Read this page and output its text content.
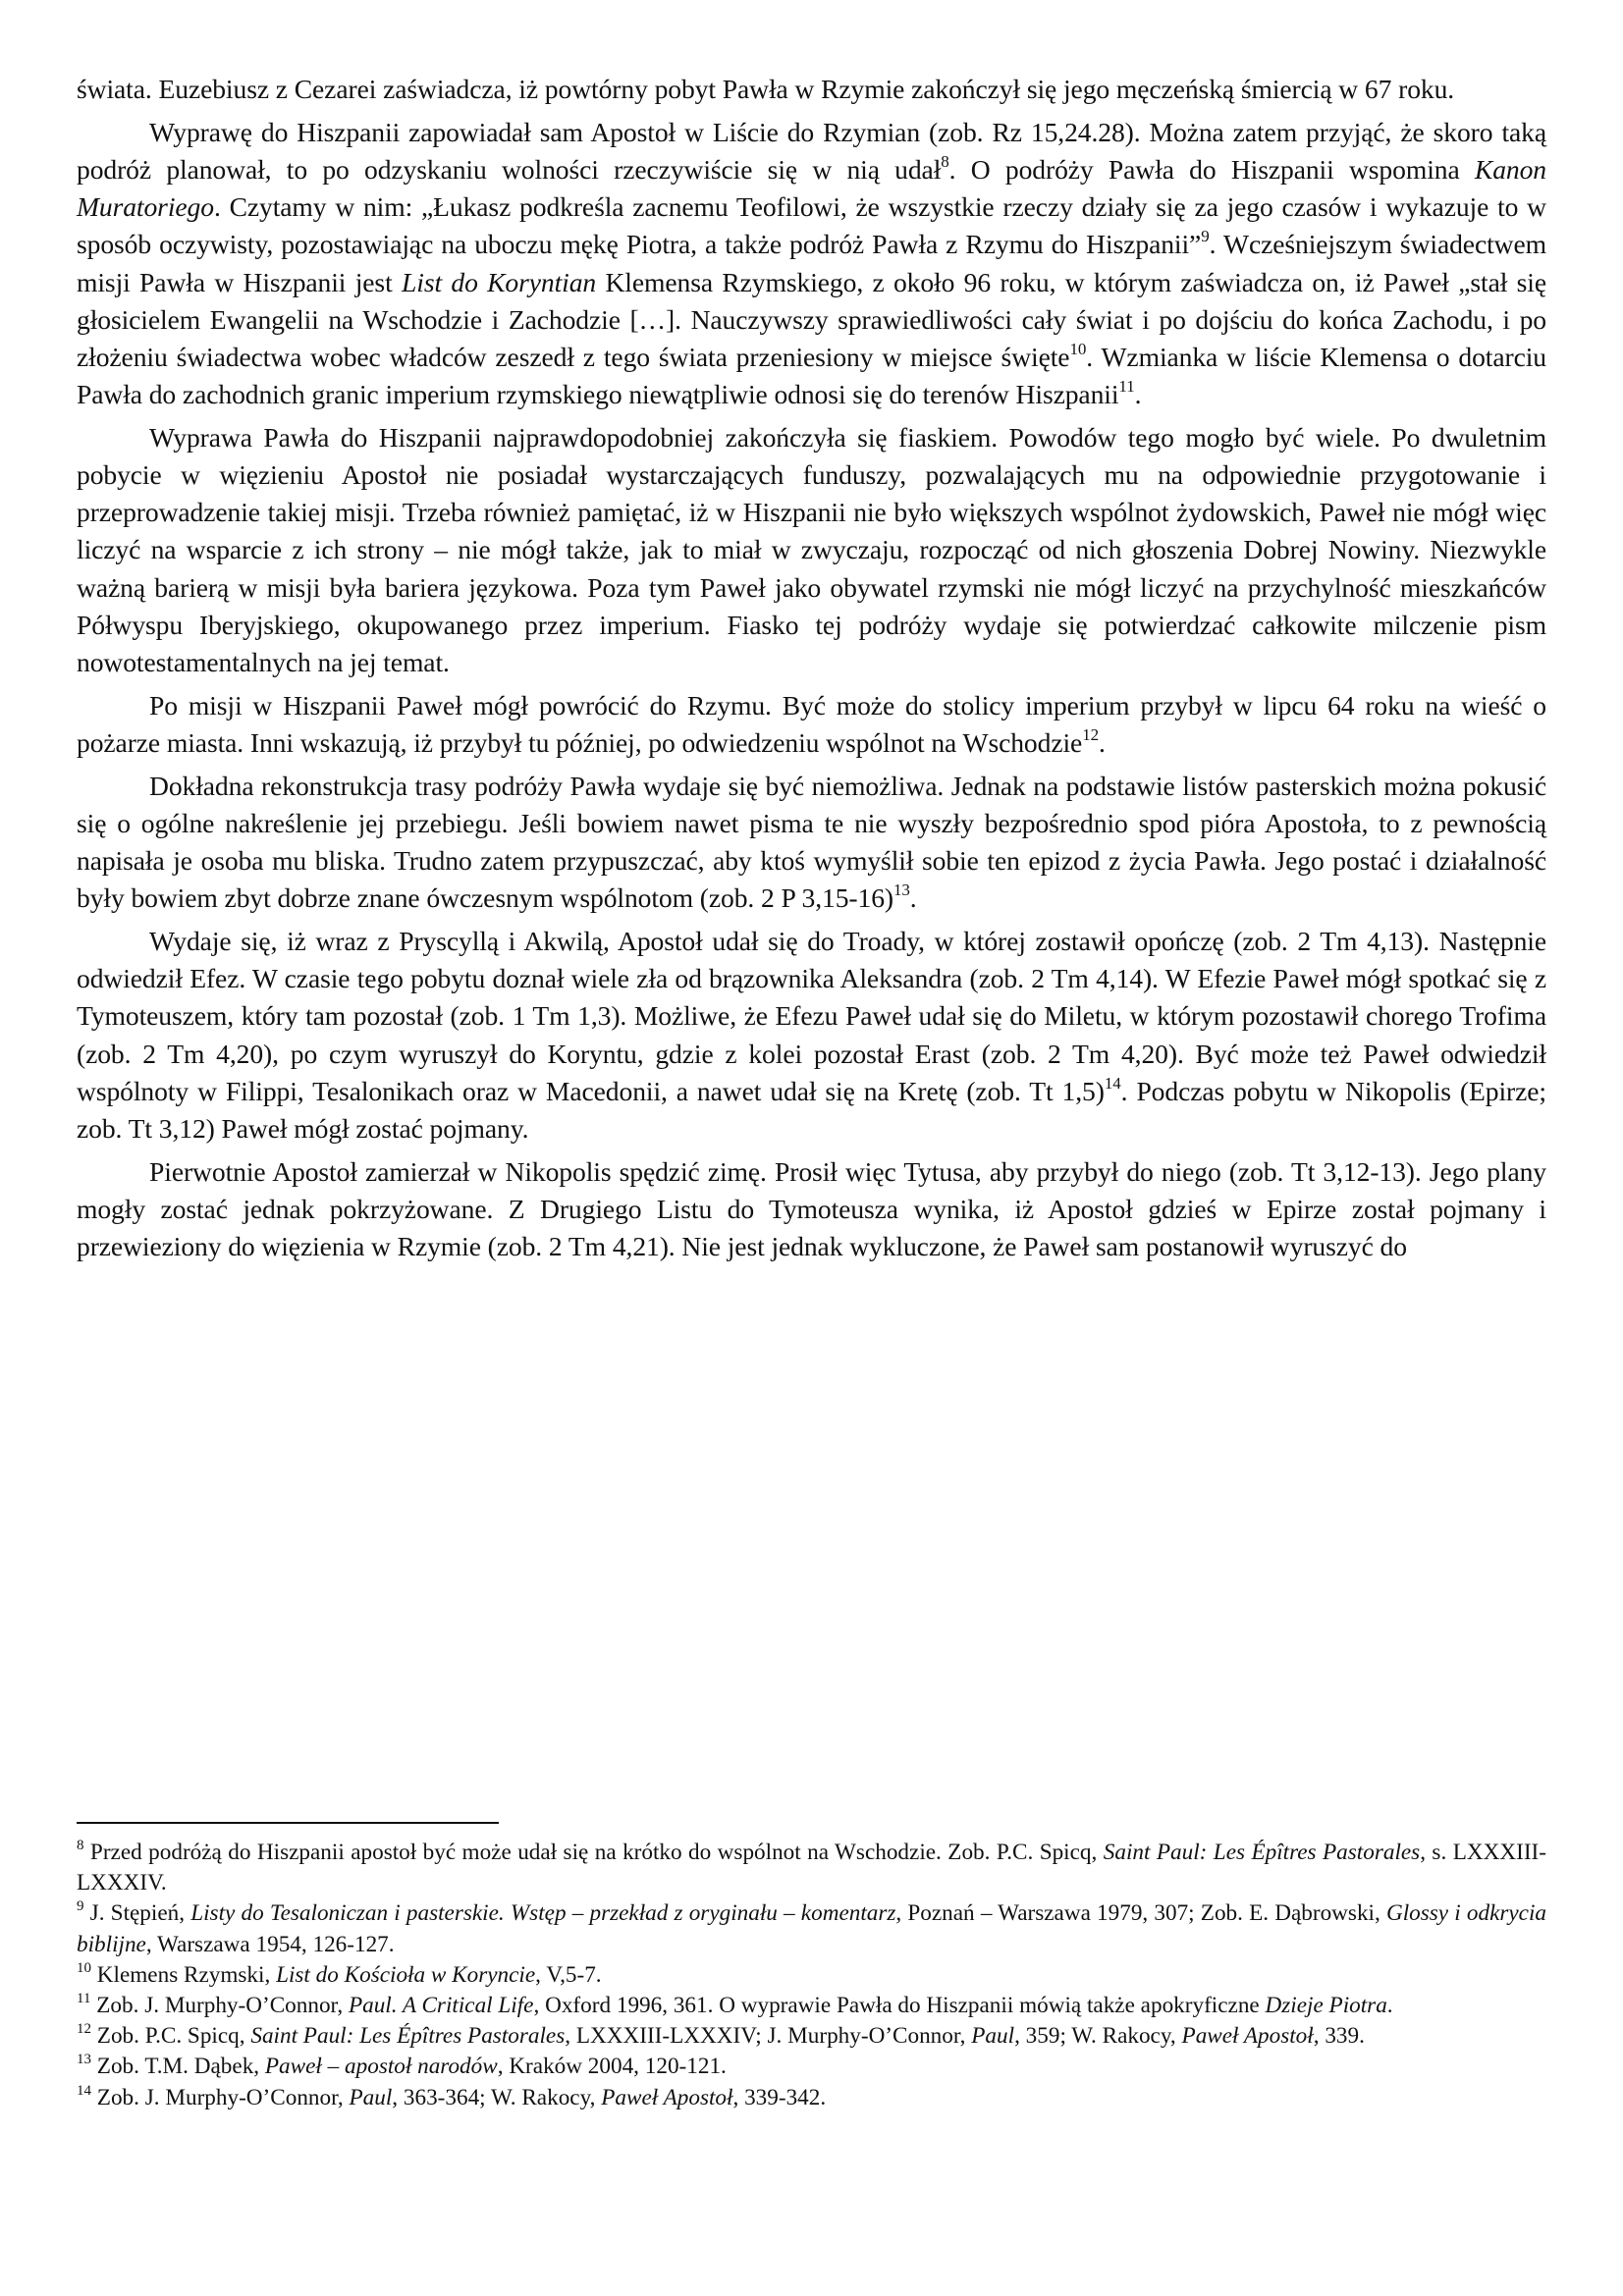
świata. Euzebiusz z Cezarei zaświadcza, iż powtórny pobyt Pawła w Rzymie zakończył się jego męczeńską śmiercią w 67 roku.

Wyprawę do Hiszpanii zapowiadał sam Apostoł w Liście do Rzymian (zob. Rz 15,24.28). Można zatem przyjąć, że skoro taką podróż planował, to po odzyskaniu wolności rzeczywiście się w nią udał$^8$. O podróży Pawła do Hiszpanii wspomina Kanon Muratoriego. Czytamy w nim: „Łukasz podkreśla zacnemu Teofilowi, że wszystkie rzeczy działy się za jego czasów i wykazuje to w sposób oczywisty, pozostawiając na uboczu mękę Piotra, a także podróż Pawła z Rzymu do Hiszpanii”$^9$. Wcześniejszym świadectwem misji Pawła w Hiszpanii jest List do Koryntian Klemensa Rzymskiego, z około 96 roku, w którym zaświadcza on, iż Paweł „stał się głosicielem Ewangelii na Wschodzie i Zachodzie […]. Nauczywszy sprawiedliwości cały świat i po dojściu do końca Zachodu, i po złożeniu świadectwa wobec władców zeszedł z tego świata przeniesiony w miejsce święte$^{10}$. Wzmianka w liście Klemensa o dotarciu Pawła do zachodnich granic imperium rzymskiego niewątpliwie odnosi się do terenów Hiszpanii$^{11}$.

Wyprawa Pawła do Hiszpanii najprawdopodobniej zakończyła się fiaskiem. Powodów tego mogło być wiele. Po dwuletnim pobycie w więzieniu Apostoł nie posiadał wystarczających funduszy, pozwalających mu na odpowiednie przygotowanie i przeprowadzenie takiej misji. Trzeba również pamiętać, iż w Hiszpanii nie było większych wspólnot żydowskich, Paweł nie mógł więc liczyć na wsparcie z ich strony – nie mógł także, jak to miał w zwyczaju, rozpocząć od nich głoszenia Dobrej Nowiny. Niezwykle ważną barierą w misji była bariera językowa. Poza tym Paweł jako obywatel rzymski nie mógł liczyć na przychylność mieszkańców Półwyspu Iberyjskiego, okupowanego przez imperium. Fiasko tej podróży wydaje się potwierdzać całkowite milczenie pism nowotestamentalnych na jej temat.

Po misji w Hiszpanii Paweł mógł powrócić do Rzymu. Być może do stolicy imperium przybył w lipcu 64 roku na wieść o pożarze miasta. Inni wskazują, iż przybył tu później, po odwiedzeniu wspólnot na Wschodzie$^{12}$.

Dokładna rekonstrukcja trasy podróży Pawła wydaje się być niemożliwa. Jednak na podstawie listów pasterskich można pokusić się o ogólne nakreślenie jej przebiegu. Jeśli bowiem nawet pisma te nie wyszły bezpośrednio spod pióra Apostoła, to z pewnością napisała je osoba mu bliska. Trudno zatem przypuszczać, aby ktoś wymyślił sobie ten epizod z życia Pawła. Jego postać i działalność były bowiem zbyt dobrze znane ówczesnym wspólnotom (zob. 2 P 3,15-16)$^{13}$.

Wydaje się, iż wraz z Pryscyllą i Akwilą, Apostoł udał się do Troady, w której zostawił opończę (zob. 2 Tm 4,13). Następnie odwiedził Efez. W czasie tego pobytu doznał wiele zła od brązownika Aleksandra (zob. 2 Tm 4,14). W Efezie Paweł mógł spotkać się z Tymoteuszem, który tam pozostał (zob. 1 Tm 1,3). Możliwe, że Efezu Paweł udał się do Miletu, w którym pozostawił chorego Trofima (zob. 2 Tm 4,20), po czym wyruszył do Koryntu, gdzie z kolei pozostał Erast (zob. 2 Tm 4,20). Być może też Paweł odwiedził wspólnoty w Filippi, Tesalonikach oraz w Macedonii, a nawet udał się na Kretę (zob. Tt 1,5)$^{14}$. Podczas pobytu w Nikopolis (Epirze; zob. Tt 3,12) Paweł mógł zostać pojmany.

Pierwotnie Apostoł zamierzał w Nikopolis spędzić zimę. Prosił więc Tytusa, aby przybył do niego (zob. Tt 3,12-13). Jego plany mogły zostać jednak pokrzyżowane. Z Drugiego Listu do Tymoteusza wynika, iż Apostoł gdzieś w Epirze został pojmany i przewieziony do więzienia w Rzymie (zob. 2 Tm 4,21). Nie jest jednak wykluczone, że Paweł sam postanowił wyruszyć do

$^8$ Przed podróżą do Hiszpanii apostoł być może udał się na krótko do wspólnot na Wschodzie. Zob. P.C. Spicq, Saint Paul: Les Épîtres Pastorales, s. LXXXIII-LXXXIV.

$^9$ J. Stępień, Listy do Tesaloniczan i pasterskie. Wstęp – przekład z oryginału – komentarz, Poznań – Warszawa 1979, 307; Zob. E. Dąbrowski, Glossy i odkrycia biblijne, Warszawa 1954, 126-127.

$^{10}$ Klemens Rzymski, List do Kościoła w Koryncie, V,5-7.

$^{11}$ Zob. J. Murphy-O’Connor, Paul. A Critical Life, Oxford 1996, 361. O wyprawie Pawła do Hiszpanii mówią także apokryficzne Dzieje Piotra.

$^{12}$ Zob. P.C. Spicq, Saint Paul: Les Épîtres Pastorales, LXXXIII-LXXXIV; J. Murphy-O’Connor, Paul, 359; W. Rakocy, Paweł Apostoł, 339.

$^{13}$ Zob. T.M. Dąbek, Paweł – apostoł narodów, Kraków 2004, 120-121.

$^{14}$ Zob. J. Murphy-O’Connor, Paul, 363-364; W. Rakocy, Paweł Apostoł, 339-342.
